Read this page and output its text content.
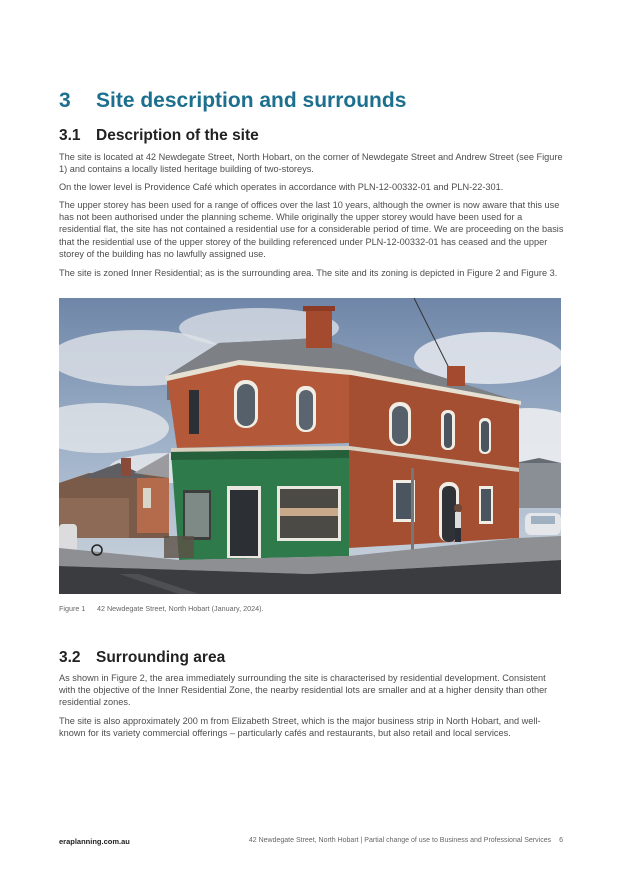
3 Site description and surrounds
3.1 Description of the site

The site is located at 42 Newdegate Street, North Hobart, on the corner of Newdegate Street and Andrew Street (see Figure 1) and contains a locally listed heritage building of two-storeys.

On the lower level is Providence Café which operates in accordance with PLN-12-00332-01 and PLN-22-301.

The upper storey has been used for a range of offices over the last 10 years, although the owner is now aware that this use has not been authorised under the planning scheme. While originally the upper storey would have been used for a residential flat, the site has not contained a residential use for a considerable period of time. We are proceeding on the basis that the residential use of the upper storey of the building referenced under PLN-12-00332-01 has ceased and the upper storey of the building has no lawfully assigned use.

The site is zoned Inner Residential; as is the surrounding area. The site and its zoning is depicted in Figure 2 and Figure 3.

Figure 1 42 Newdegate Street, North Hobart (January, 2024).
3.2 Surrounding area

As shown in Figure 2, the area immediately surrounding the site is characterised by residential development. Consistent with the objective of the Inner Residential Zone, the nearby residential lots are smaller and at a higher density than other residential zones.

The site is also approximately 200 m from Elizabeth Street, which is the major business strip in North Hobart, and well-known for its variety commercial offerings – particularly cafés and restaurants, but also retail and local services.

eraplanning.com.au	42 Newdegate Street, North Hobart | Partial change of use to Business and Professional Services 6
